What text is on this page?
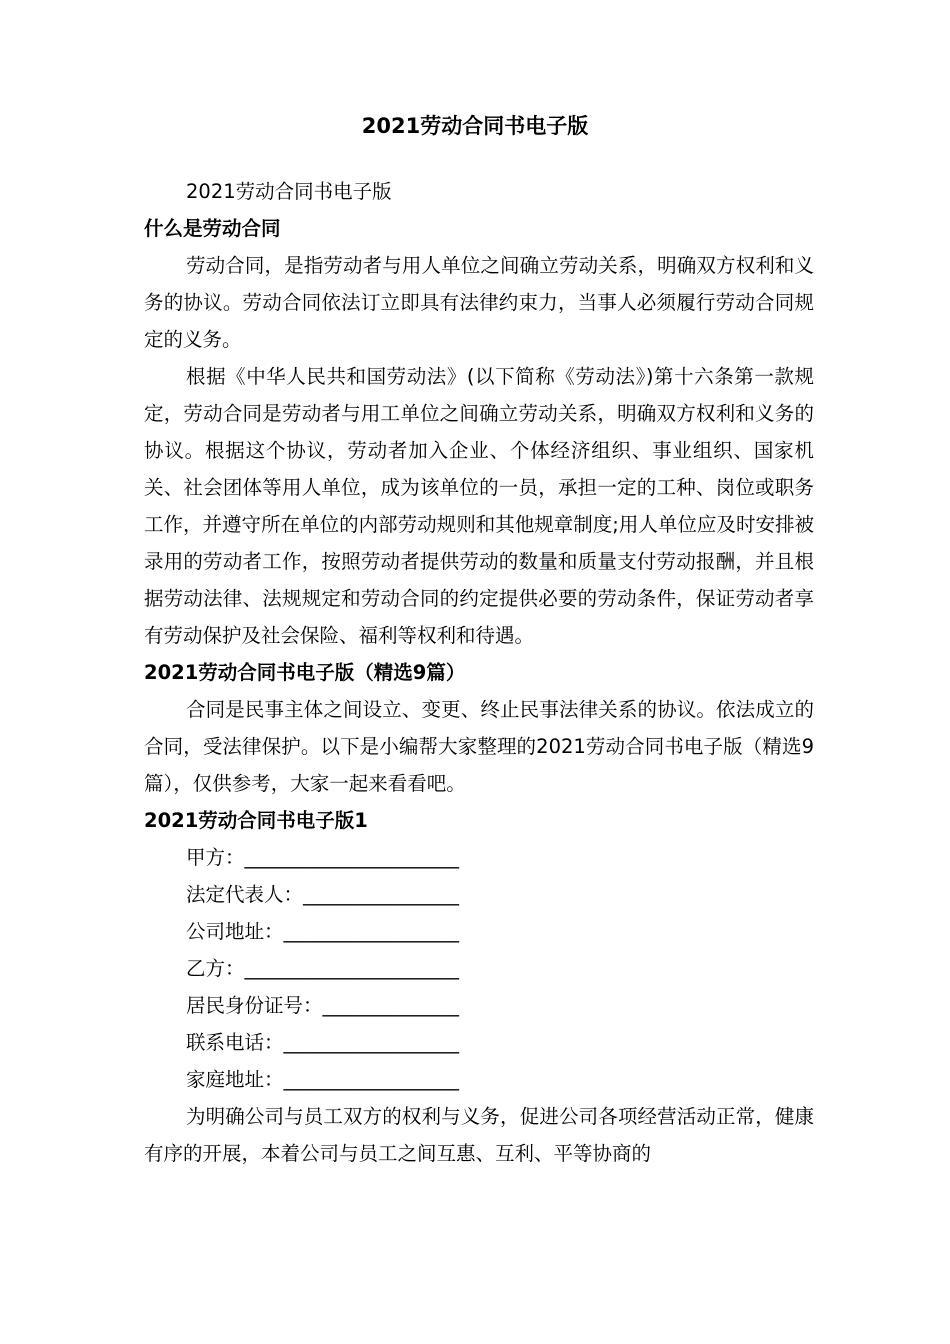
2021劳动合同书电子版

2021劳动合同书电子版

什么是劳动合同

劳动合同，是指劳动者与用人单位之间确立劳动关系，明确双方权利和义务的协议。劳动合同依法订立即具有法律约束力，当事人必须履行劳动合同规定的义务。

根据《中华人民共和国劳动法》(以下简称《劳动法》)第十六条第一款规定，劳动合同是劳动者与用工单位之间确立劳动关系，明确双方权利和义务的协议。根据这个协议，劳动者加入企业、个体经济组织、事业组织、国家机关、社会团体等用人单位，成为该单位的一员，承担一定的工种、岗位或职务工作，并遵守所在单位的内部劳动规则和其他规章制度;用人单位应及时安排被录用的劳动者工作，按照劳动者提供劳动的数量和质量支付劳动报酬，并且根据劳动法律、法规规定和劳动合同的约定提供必要的劳动条件，保证劳动者享有劳动保护及社会保险、福利等权利和待遇。

2021劳动合同书电子版（精选9篇）

合同是民事主体之间设立、变更、终止民事法律关系的协议。依法成立的合同，受法律保护。以下是小编帮大家整理的2021劳动合同书电子版（精选9篇），仅供参考，大家一起来看看吧。

2021劳动合同书电子版1

甲方：______________________

法定代表人：________________

公司地址：__________________

乙方：______________________

居民身份证号：______________

联系电话：__________________

家庭地址：__________________

为明确公司与员工双方的权利与义务，促进公司各项经营活动正常，健康有序的开展，本着公司与员工之间互惠、互利、平等协商的
